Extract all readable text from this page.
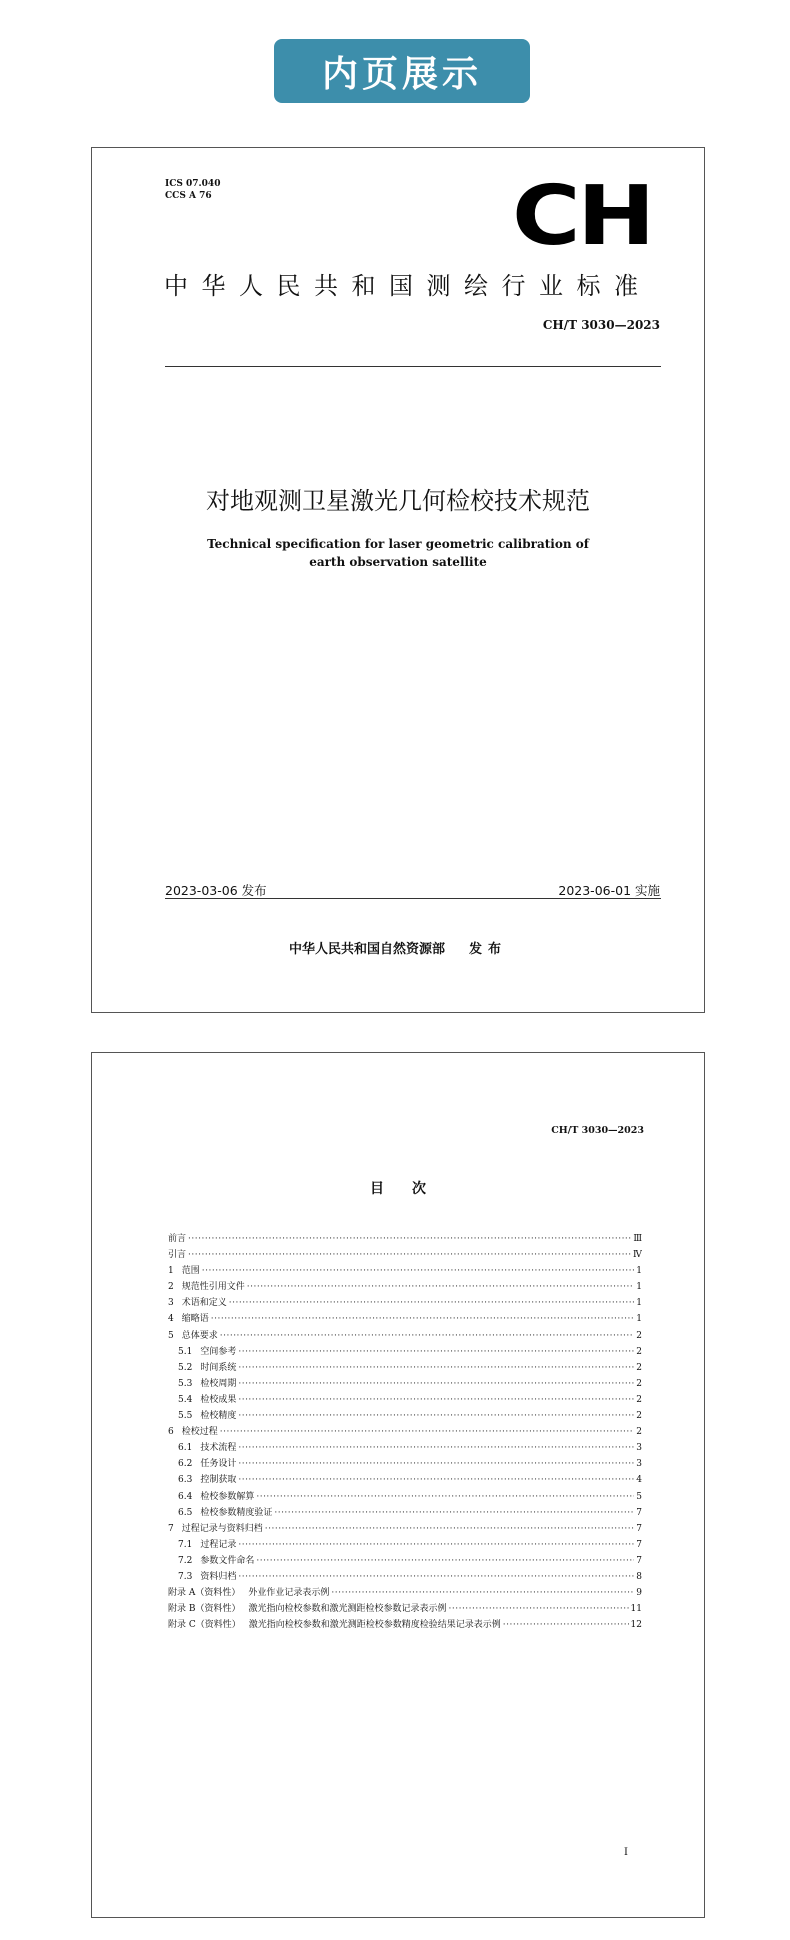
内页展示
ICS 07.040
CCS A 76	CH
中华人民共和国测绘行业标准
CH/T 3030—2023
对地观测卫星激光几何检校技术规范
Technical specification for laser geometric calibration of
earth observation satellite
2023-03-06 发布	2023-06-01 实施
中华人民共和国自然资源部 发布
CH/T 3030—2023
目次
前言 ·····	Ⅲ
引言 ·····	Ⅳ
1 范围 ·····	1
2 规范性引用文件 ·····	1
3 术语和定义 ·····	1
4 缩略语 ·····	1
5 总体要求 ·····	2
5.1 空间参考 ·····	2
5.2 时间系统 ·····	2
5.3 检校周期 ·····	2
5.4 检校成果 ·····	2
5.5 检校精度 ·····	2
6 检校过程 ·····	2
6.1 技术流程 ·····	3
6.2 任务设计 ·····	3
6.3 控制获取 ·····	4
6.4 检校参数解算 ·····	5
6.5 检校参数精度验证 ·····	7
7 过程记录与资料归档 ·····	7
7.1 过程记录 ·····	7
7.2 参数文件命名 ·····	7
7.3 资料归档 ·····	8
附录 A（资料性） 外业作业记录表示例 ·····	9
附录 B（资料性） 激光指向检校参数和激光测距检校参数记录表示例 ·····	11
附录 C（资料性） 激光指向检校参数和激光测距检校参数精度检验结果记录表示例 ·····	12
I
